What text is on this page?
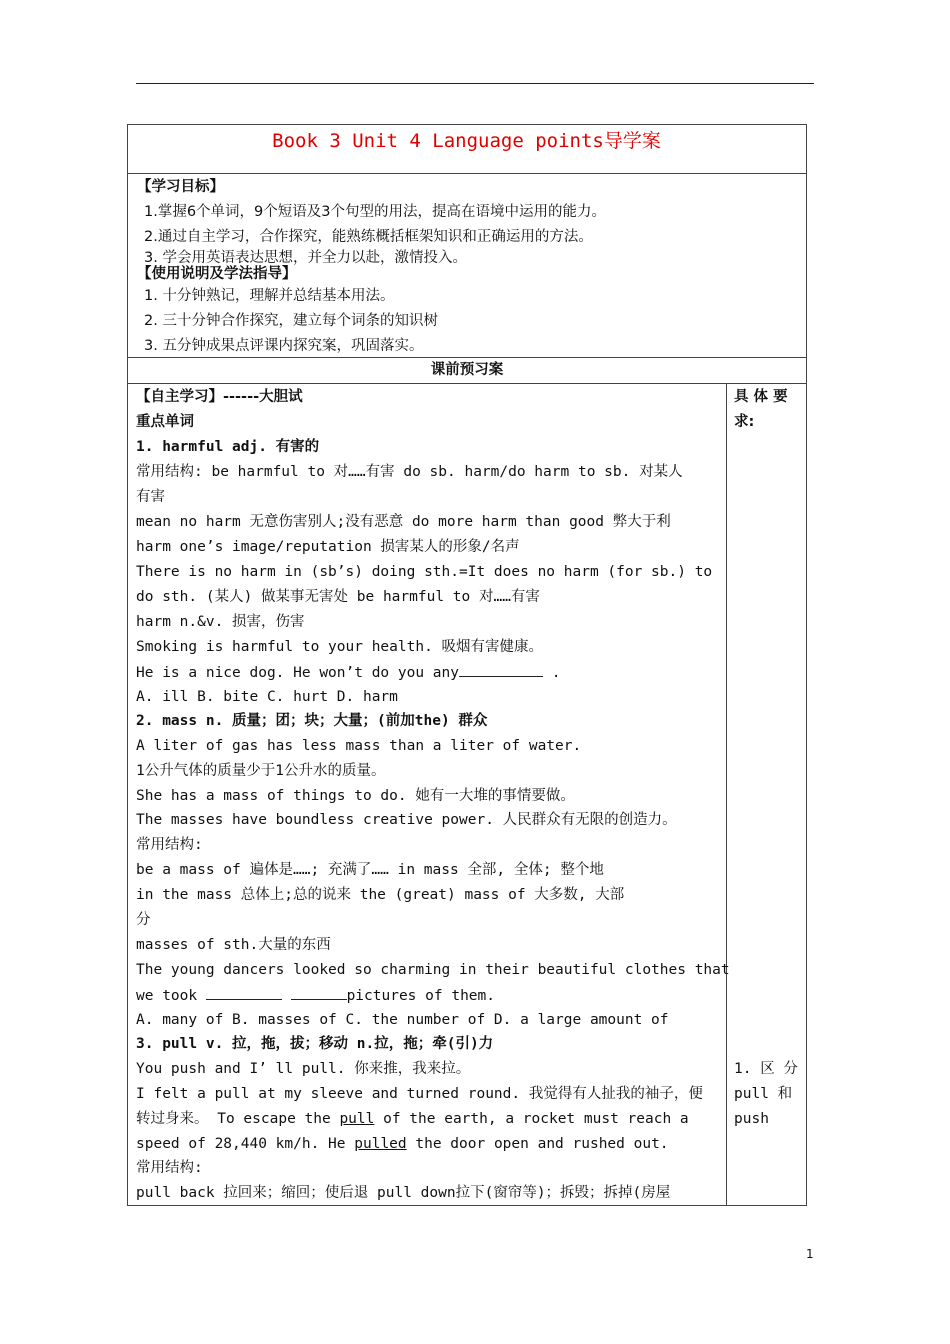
Book 3 Unit 4 Language points导学案
【学习目标】
1.掌握6个单词，9个短语及3个句型的用法，提高在语境中运用的能力。
2.通过自主学习，合作探究，能熟练概括框架知识和正确运用的方法。
3. 学会用英语表达思想，并全力以赴，激情投入。
【使用说明及学法指导】
1. 十分钟熟记，理解并总结基本用法。
2. 三十分钟合作探究，建立每个词条的知识树
3. 五分钟成果点评课内探究案，巩固落实。
课前预习案
【自主学习】------大胆试
重点单词
1. harmful adj. 有害的
常用结构: be harmful to 对……有害 do sb. harm/do harm to sb. 对某人
有害
mean no harm 无意伤害别人;没有恶意 do more harm than good 弊大于利
harm one’s image/reputation 损害某人的形象/名声
There is no harm in (sb’s) doing sth.=It does no harm (for sb.) to
do sth. (某人) 做某事无害处 be harmful to 对……有害
harm n.&v. 损害，伤害
Smoking is harmful to your health. 吸烟有害健康。
He is a nice dog. He won’t do you any	.
A. ill B. bite C. hurt D. harm
2. mass n. 质量；团；块；大量；(前加the) 群众
A liter of gas has less mass than a liter of water.
1公升气体的质量少于1公升水的质量。
She has a mass of things to do. 她有一大堆的事情要做。
The masses have boundless creative power. 人民群众有无限的创造力。
常用结构:
be a mass of 遍体是……; 充满了…… in mass 全部, 全体; 整个地
in the mass 总体上;总的说来 the (great) mass of 大多数, 大部
分
masses of sth.大量的东西
The young dancers looked so charming in their beautiful clothes that
we took	pictures of them.
A. many of B. masses of C. the number of D. a large amount of
3. pull v. 拉，拖，拔；移动 n.拉，拖；牵(引)力
You push and I’ ll pull. 你来推，我来拉。
I felt a pull at my sleeve and turned round. 我觉得有人扯我的袖子，便
转过身来。 To escape the pull of the earth, a rocket must reach a
speed of 28,440 km/h. He pulled the door open and rushed out.
常用结构:
pull back 拉回来；缩回；使后退 pull down拉下(窗帘等)；拆毁；拆掉(房屋
具 体 要
求:
1. 区 分
pull 和
push
1
